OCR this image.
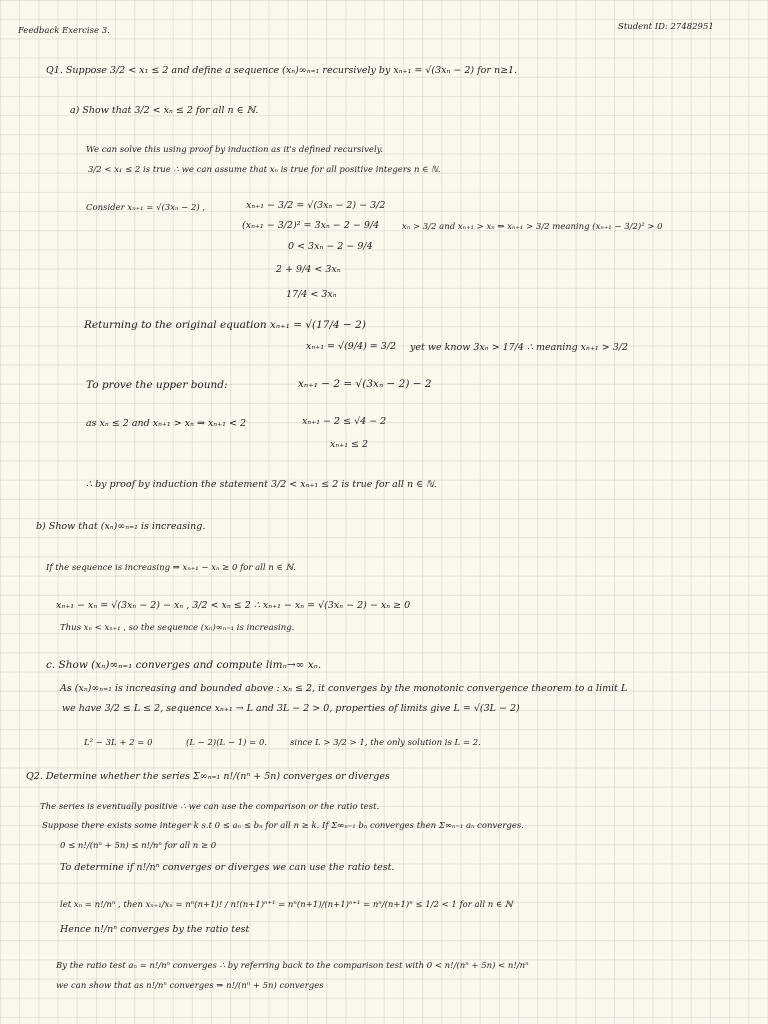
Feedback Exercise 3.	Student ID: 27482951
Q1. Suppose 3/2 < x₁ ≤ 2 and define a sequence (xₙ)∞ₙ₌₁ recursively by xₙ₊₁ = √(3xₙ − 2) for n≥1.
a) Show that 3/2 < xₙ ≤ 2 for all n ∈ ℕ.
We can solve this using proof by induction as it's defined recursively.
3/2 < x₁ ≤ 2 is true ∴ we can assume that xₙ is true for all positive integers n ∈ ℕ.
Consider xₙ₊₁ = √(3xₙ − 2) ,	xₙ₊₁ − 3/2 = √(3xₙ − 2) − 3/2
(xₙ₊₁ − 3/2)² = 3xₙ − 2 − 9/4	xₙ > 3/2 and xₙ₊₁ > xₙ ⇒ xₙ₊₁ > 3/2 meaning (xₙ₊₁ − 3/2)² > 0
0 < 3xₙ − 2 − 9/4
2 + 9/4 < 3xₙ
17/4 < 3xₙ
Returning to the original equation xₙ₊₁ = √(17/4 − 2)
xₙ₊₁ = √(9/4) = 3/2 yet we know 3xₙ > 17/4 ∴ meaning xₙ₊₁ > 3/2
To prove the upper bound:	xₙ₊₁ − 2 = √(3xₙ − 2) − 2
as xₙ ≤ 2 and xₙ₊₁ > xₙ ⇒ xₙ₊₁ < 2	xₙ₊₁ − 2 ≤ √4 − 2
xₙ₊₁ ≤ 2
∴ by proof by induction the statement 3/2 < xₙ₊₁ ≤ 2 is true for all n ∈ ℕ.
b) Show that (xₙ)∞ₙ₌₁ is increasing.
If the sequence is increasing ⇒ xₙ₊₁ − xₙ ≥ 0 for all n ∈ ℕ.
xₙ₊₁ − xₙ = √(3xₙ − 2) − xₙ , 3/2 < xₙ ≤ 2 ∴ xₙ₊₁ − xₙ = √(3xₙ − 2) − xₙ ≥ 0
Thus xₙ < xₙ₊₁ , so the sequence (xₙ)∞ₙ₌₁ is increasing.
c. Show (xₙ)∞ₙ₌₁ converges and compute limₙ→∞ xₙ.
As (xₙ)∞ₙ₌₁ is increasing and bounded above : xₙ ≤ 2, it converges by the monotonic convergence theorem to a limit L
we have 3/2 ≤ L ≤ 2, sequence xₙ₊₁ → L and 3L − 2 > 0, properties of limits give L = √(3L − 2)
L² − 3L + 2 = 0	(L − 2)(L − 1) = 0.	since L > 3/2 > 1, the only solution is L = 2.
Q2. Determine whether the series Σ∞ₙ₌₁ n!/(nⁿ + 5n) converges or diverges
The series is eventually positive ∴ we can use the comparison or the ratio test.
Suppose there exists some integer k s.t 0 ≤ aₙ ≤ bₙ for all n ≥ k. If Σ∞ₙ₌₁ bₙ converges then Σ∞ₙ₌₁ aₙ converges.
0 ≤ n!/(nⁿ + 5n) ≤ n!/nⁿ for all n ≥ 0
To determine if n!/nⁿ converges or diverges we can use the ratio test.
let xₙ = n!/nⁿ , then xₙ₊₁/xₙ = nⁿ(n+1)! / n!(n+1)ⁿ⁺¹ = nⁿ(n+1)/(n+1)ⁿ⁺¹ = nⁿ/(n+1)ⁿ ≤ 1/2 < 1 for all n ∈ ℕ
Hence n!/nⁿ converges by the ratio test
By the ratio test aₙ = n!/nⁿ converges ∴ by referring back to the comparison test with 0 < n!/(nⁿ + 5n) < n!/nⁿ
we can show that as n!/nⁿ converges ⇒ n!/(nⁿ + 5n) converges
